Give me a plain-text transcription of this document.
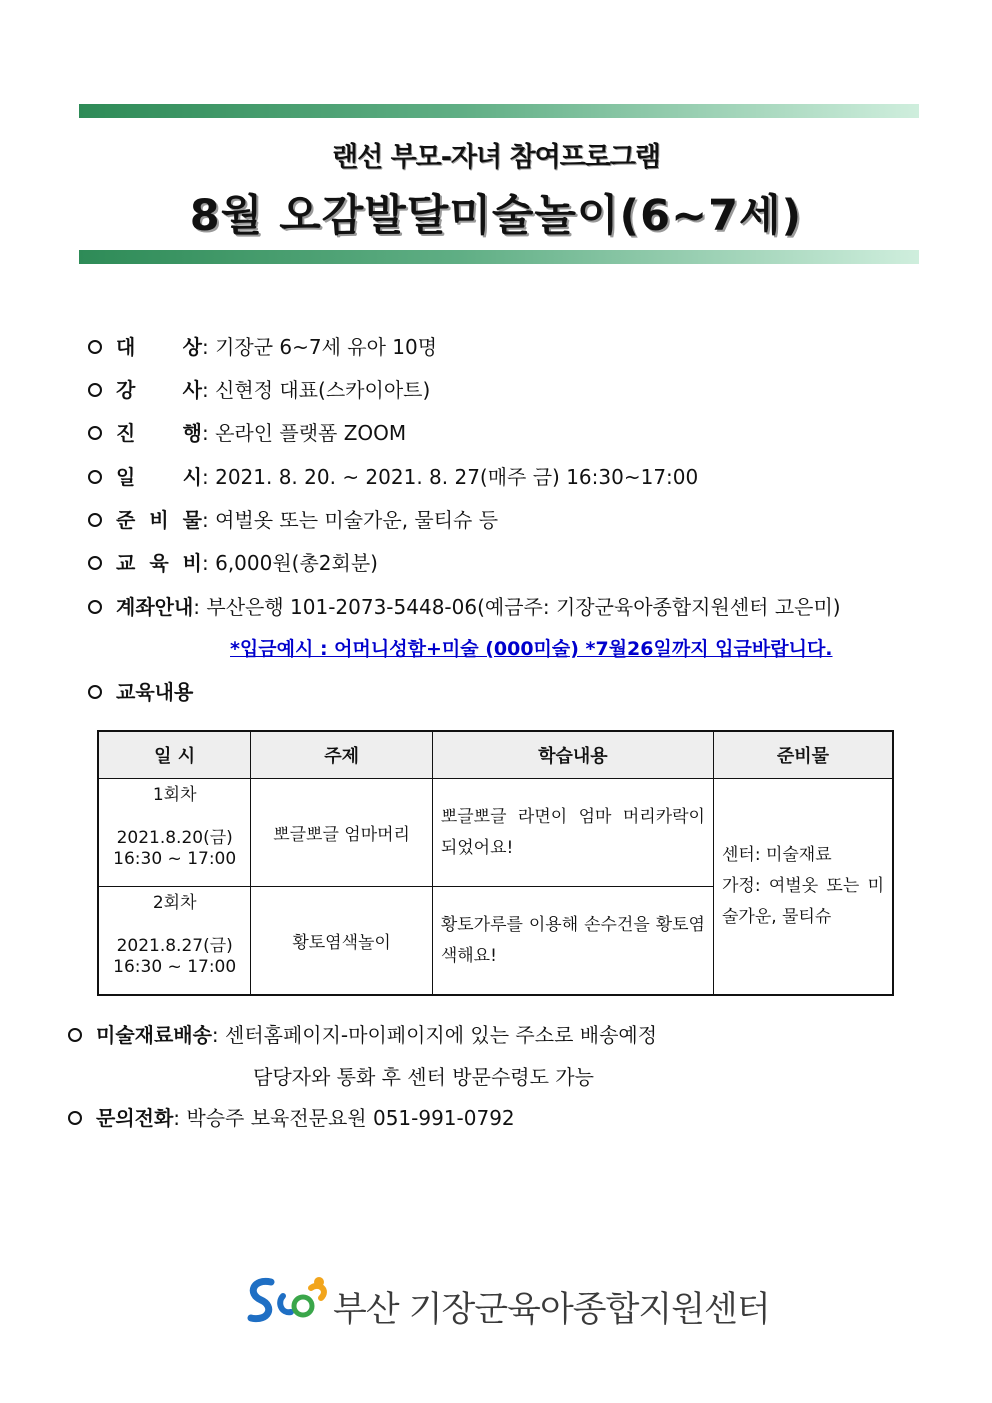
랜선 부모-자녀 참여프로그램
8월 오감발달미술놀이(6~7세)
대 상: 기장군 6~7세 유아 10명
강 사: 신현정 대표(스카이아트)
진 행: 온라인 플랫폼 ZOOM
일 시: 2021. 8. 20. ~ 2021. 8. 27(매주 금) 16:30~17:00
준 비 물: 여벌옷 또는 미술가운, 물티슈 등
교 육 비: 6,000원(총2회분)
계좌안내: 부산은행 101-2073-5448-06(예금주: 기장군육아종합지원센터 고은미)
*입금예시 : 어머니성함+미술 (000미술) *7월26일까지 입금바랍니다.
교육내용
일 시	주제	학습내용	준비물
1회차
2021.8.20(금)
16:30 ~ 17:00	뽀글뽀글 엄마머리	뽀글뽀글 라면이 엄마 머리카락이 되었어요!	센터: 미술재료
가정: 여벌옷 또는 미술가운, 물티슈
2회차
2021.8.27(금)
16:30 ~ 17:00	황토염색놀이	황토가루를 이용해 손수건을 황토염색해요!	
미술재료배송: 센터홈페이지-마이페이지에 있는 주소로 배송예정
담당자와 통화 후 센터 방문수령도 가능
문의전화: 박승주 보육전문요원 051-991-0792
부산 기장군육아종합지원센터
